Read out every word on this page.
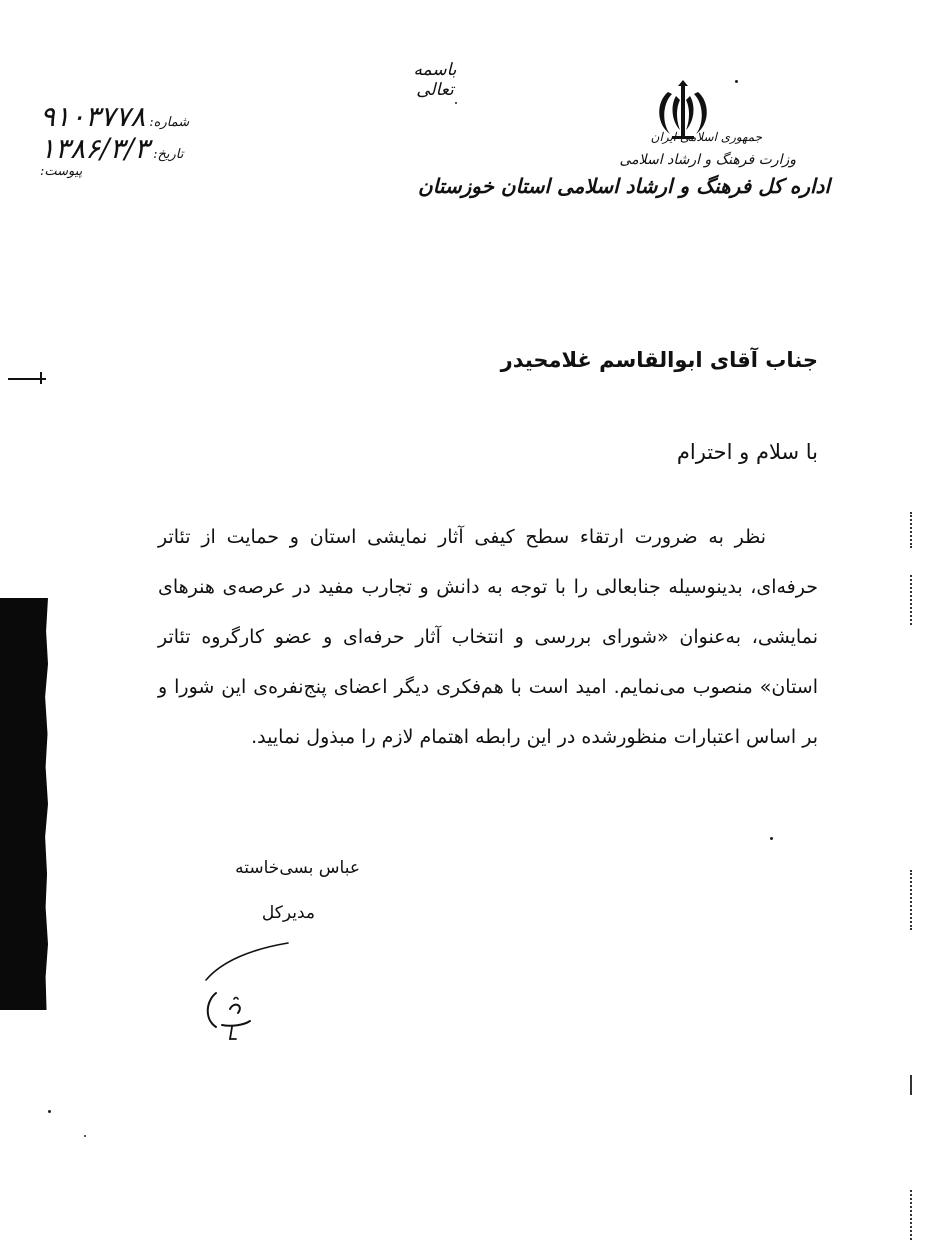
باسمه تعالی
جمهوری اسلامی ایران
وزارت فرهنگ و ارشاد اسلامی
اداره کل فرهنگ و ارشاد اسلامی استان خوزستان
شماره:
۹۱۰۳۷۷۸
تاریخ:
۱۳۸۶/۳/۳
پیوست:
جناب آقای ابوالقاسم غلامحیدر
با سلام و احترام

نظر به ضرورت ارتقاء سطح کیفی آثار نمایشی استان و حمایت از تئاتر حرفه‌ای، بدینوسیله جنابعالی را با توجه به دانش و تجارب مفید در عرصه‌ی هنرهای نمایشی، به‌عنوان «شورای بررسی و انتخاب آثار حرفه‌ای و عضو کارگروه تئاتر استان» منصوب می‌نمایم. امید است با هم‌فکری دیگر اعضای پنج‌نفره‌ی این شورا و بر اساس اعتبارات منظورشده در این رابطه اهتمام لازم را مبذول نمایید.

عباس بسی‌خاسته
مدیرکل
